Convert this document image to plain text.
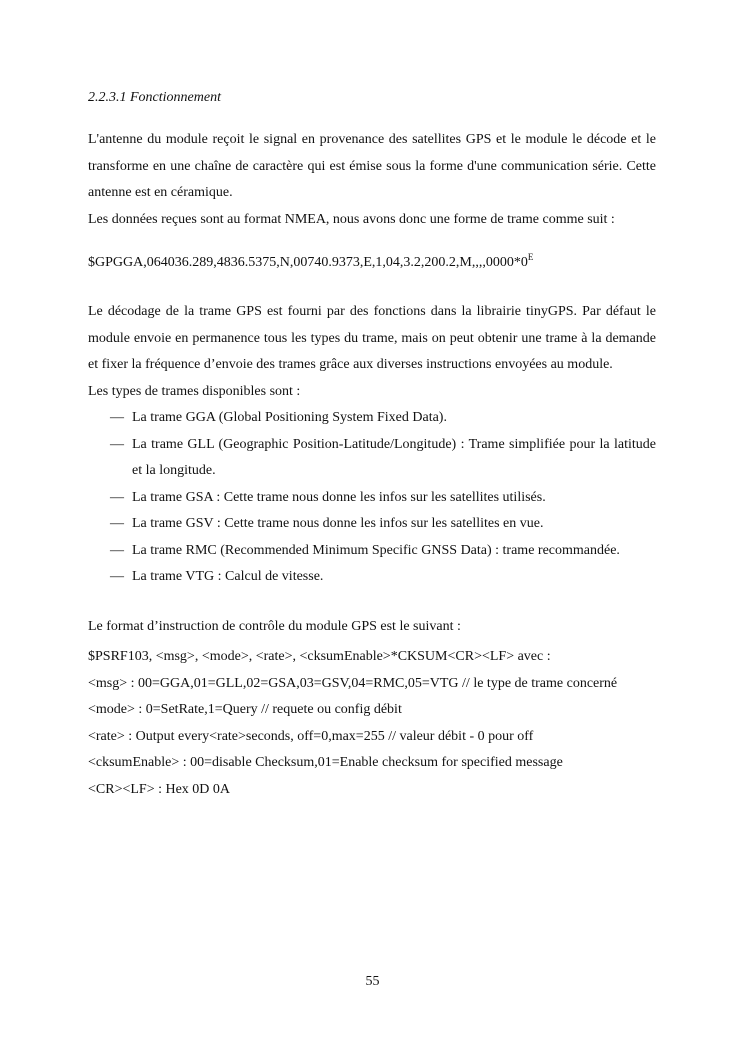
2.2.3.1 Fonctionnement

L'antenne du module reçoit le signal en provenance des satellites GPS et le module le décode et le transforme en une chaîne de caractère qui est émise sous la forme d'une communication série. Cette antenne est en céramique.

Les données reçues sont au format NMEA, nous avons donc une forme de trame comme suit :

$\$GPGGA,064036.289,4836.5375,N,00740.9373,E,1,04,3.2,200.2,M,,,,0000*0^E$

Le décodage de la trame GPS est fourni par des fonctions dans la librairie tinyGPS. Par défaut le module envoie en permanence tous les types du trame, mais on peut obtenir une trame à la demande et fixer la fréquence d’envoie des trames grâce aux diverses instructions envoyées au module.

Les types de trames disponibles sont :

— La trame GGA (Global Positioning System Fixed Data).
— La trame GLL (Geographic Position-Latitude/Longitude) : Trame simplifiée pour la latitude et la longitude.
— La trame GSA : Cette trame nous donne les infos sur les satellites utilisés.
— La trame GSV : Cette trame nous donne les infos sur les satellites en vue.
— La trame RMC (Recommended Minimum Specific GNSS Data) : trame recommandée.
— La trame VTG : Calcul de vitesse.

Le format d’instruction de contrôle du module GPS est le suivant :

$PSRF103, <msg>, <mode>, <rate>, <cksumEnable>*CKSUM<CR><LF> avec :

<msg> : 00=GGA,01=GLL,02=GSA,03=GSV,04=RMC,05=VTG // le type de trame concerné

<mode> : 0=SetRate,1=Query // requete ou config débit

<rate> : Output every<rate>seconds, off=0,max=255 // valeur débit - 0 pour off

<cksumEnable> : 00=disable Checksum,01=Enable checksum for specified message

<CR><LF> : Hex 0D 0A

55
